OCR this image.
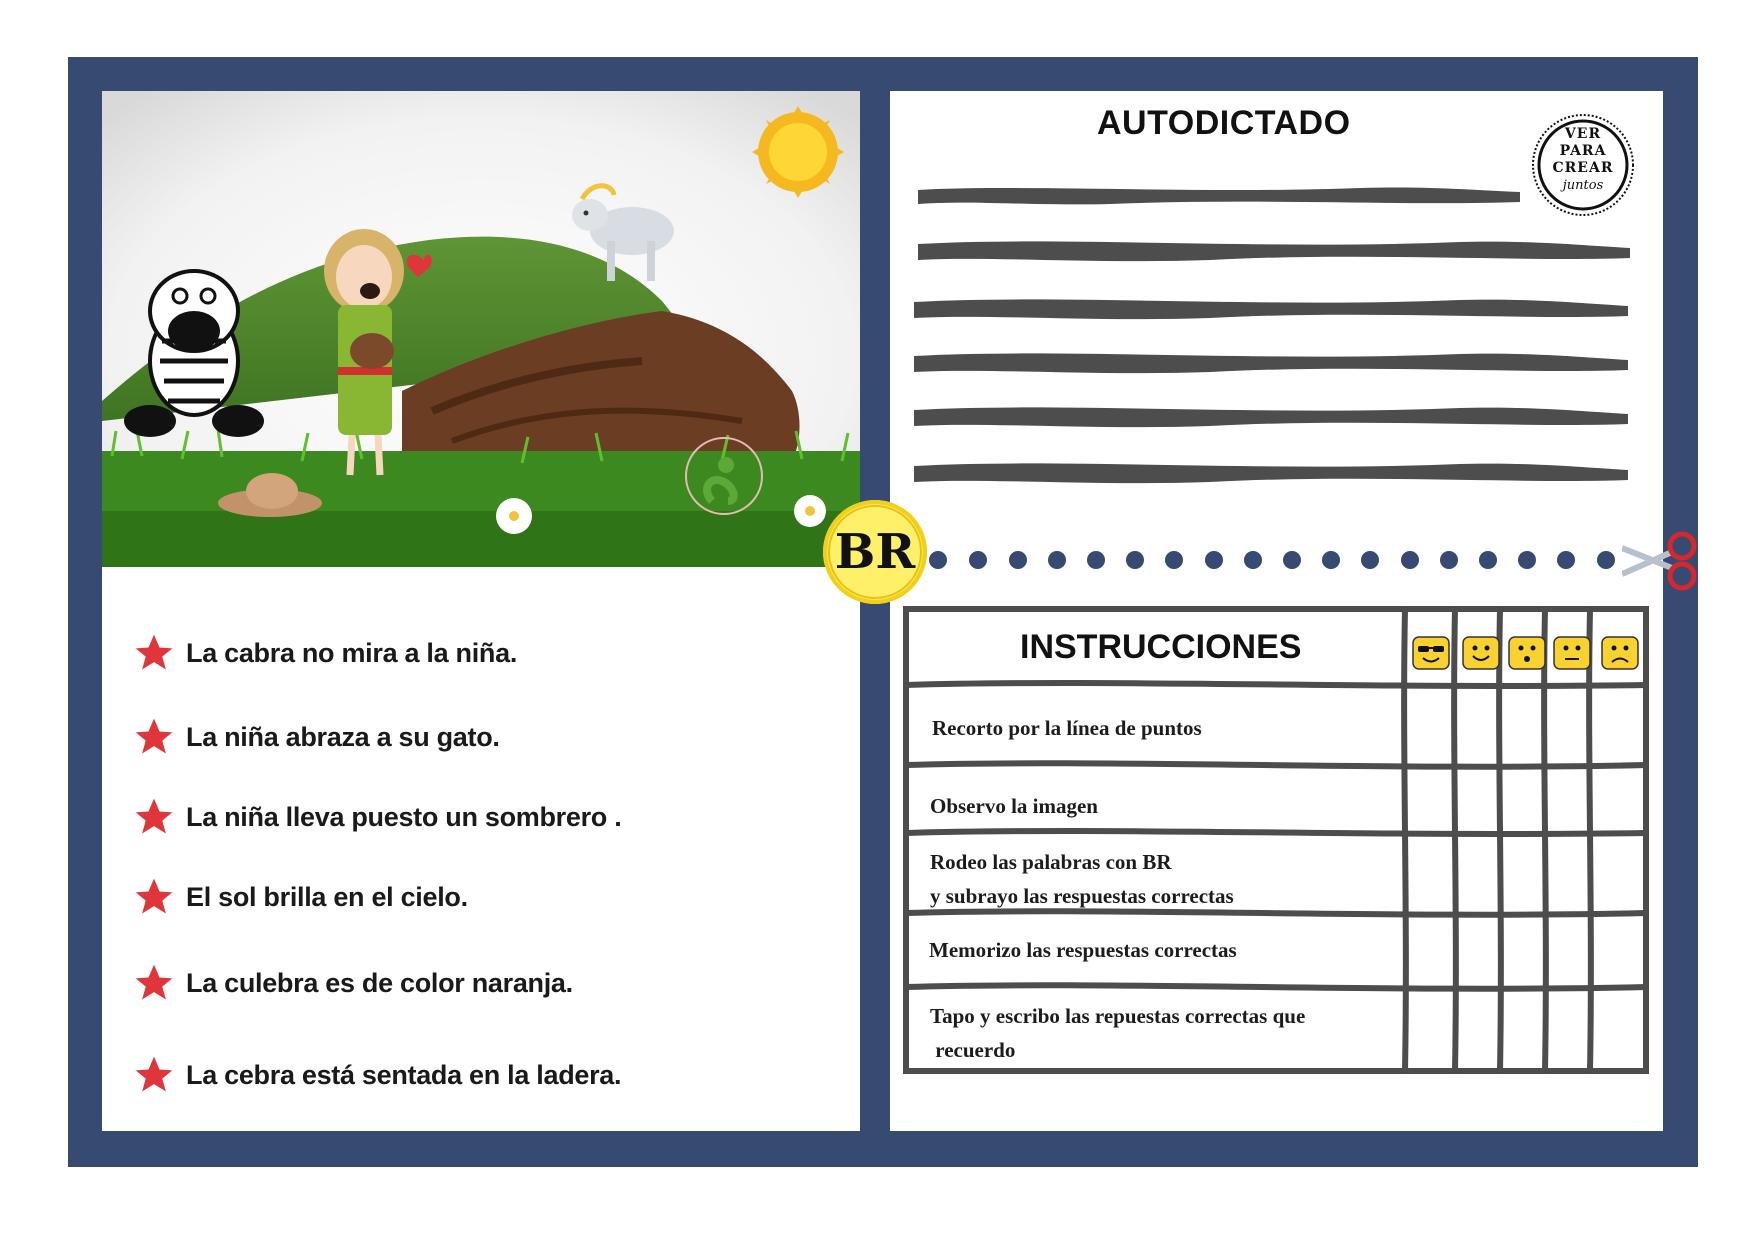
La cabra no mira a la niña.
La niña abraza a su gato.
La niña lleva puesto un sombrero .
El sol brilla en el cielo.
La culebra es de color naranja.
La cebra está sentada en la ladera.
AUTODICTADO	VER
PARA
CREAR
juntos
BR
INSTRUCCIONES
Recorto por la línea de puntos
Observo la imagen
Rodeo las palabras con BR
y subrayo las respuestas correctas
Memorizo las respuestas correctas
Tapo y escribo las repuestas correctas que
recuerdo
